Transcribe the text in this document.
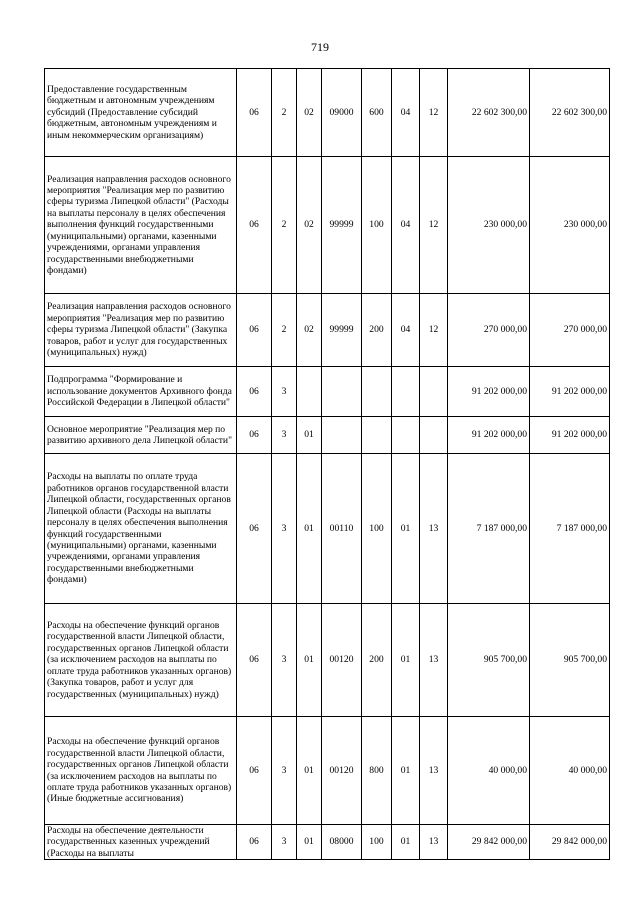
719
Предоставление государственным бюджетным и автономным учреждениям субсидий (Предоставление субсидий бюджетным, автономным учреждениям и иным некоммерческим организациям)	06	2	02	09000	600	04	12	22 602 300,00	22 602 300,00
Реализация направления расходов основного мероприятия "Реализация мер по развитию сферы туризма Липецкой области" (Расходы на выплаты персоналу в целях обеспечения выполнения функций государственными (муниципальными) органами, казенными учреждениями, органами управления государственными внебюджетными фондами)	06	2	02	99999	100	04	12	230 000,00	230 000,00
Реализация направления расходов основного мероприятия "Реализация мер по развитию сферы туризма Липецкой области" (Закупка товаров, работ и услуг для государственных (муниципальных) нужд)	06	2	02	99999	200	04	12	270 000,00	270 000,00
Подпрограмма "Формирование и использование документов Архивного фонда Российской Федерации в Липецкой области"	06	3						91 202 000,00	91 202 000,00
Основное мероприятие "Реализация мер по развитию архивного дела Липецкой области"	06	3	01					91 202 000,00	91 202 000,00
Расходы на выплаты по оплате труда работников органов государственной власти Липецкой области, государственных органов Липецкой области (Расходы на выплаты персоналу в целях обеспечения выполнения функций государственными (муниципальными) органами, казенными учреждениями, органами управления государственными внебюджетными фондами)	06	3	01	00110	100	01	13	7 187 000,00	7 187 000,00
Расходы на обеспечение функций органов государственной власти Липецкой области, государственных органов Липецкой области (за исключением расходов на выплаты по оплате труда работников указанных органов) (Закупка товаров, работ и услуг для государственных (муниципальных) нужд)	06	3	01	00120	200	01	13	905 700,00	905 700,00
Расходы на обеспечение функций органов государственной власти Липецкой области, государственных органов Липецкой области (за исключением расходов на выплаты по оплате труда работников указанных органов) (Иные бюджетные ассигнования)	06	3	01	00120	800	01	13	40 000,00	40 000,00
Расходы на обеспечение деятельности государственных казенных учреждений (Расходы на выплаты	06	3	01	08000	100	01	13	29 842 000,00	29 842 000,00
